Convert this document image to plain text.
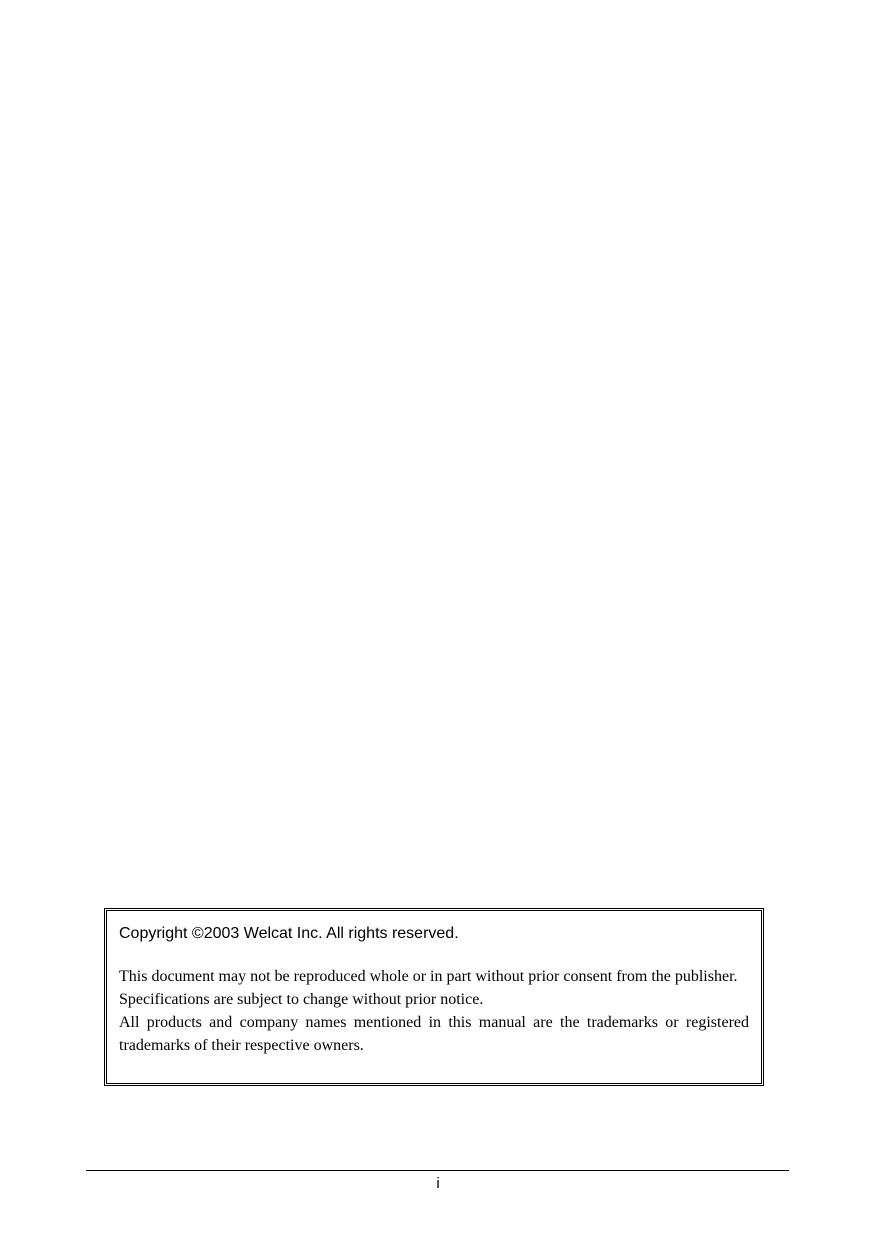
Copyright ©2003 Welcat Inc. All rights reserved.

This document may not be reproduced whole or in part without prior consent from the publisher.

Specifications are subject to change without prior notice.

All products and company names mentioned in this manual are the trademarks or registered trademarks of their respective owners.

i
